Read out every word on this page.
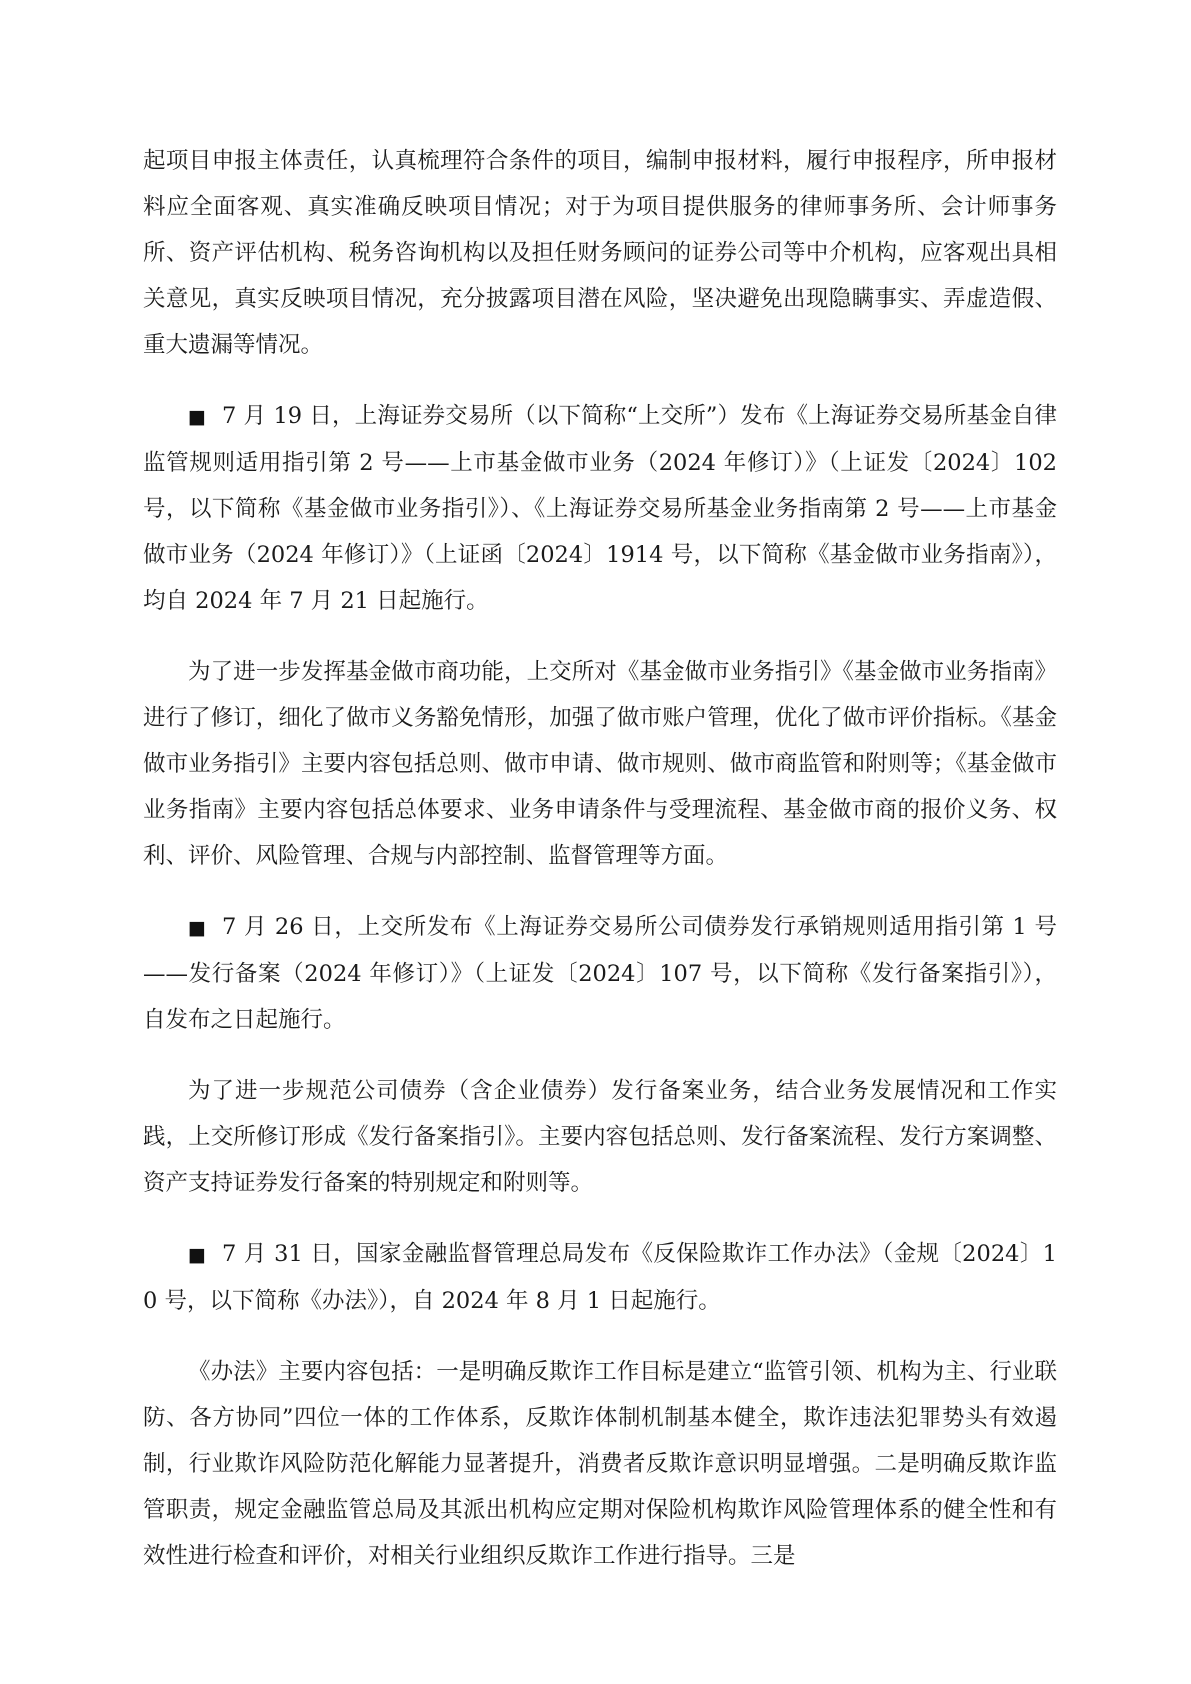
起项目申报主体责任，认真梳理符合条件的项目，编制申报材料，履行申报程序，所申报材料应全面客观、真实准确反映项目情况；对于为项目提供服务的律师事务所、会计师事务所、资产评估机构、税务咨询机构以及担任财务顾问的证券公司等中介机构，应客观出具相关意见，真实反映项目情况，充分披露项目潜在风险，坚决避免出现隐瞒事实、弄虚造假、重大遗漏等情况。

■ 7 月 19 日，上海证券交易所（以下简称“上交所”）发布《上海证券交易所基金自律监管规则适用指引第 2 号——上市基金做市业务（2024 年修订）》（上证发〔2024〕102 号，以下简称《基金做市业务指引》）、《上海证券交易所基金业务指南第 2 号——上市基金做市业务（2024 年修订）》（上证函〔2024〕1914 号，以下简称《基金做市业务指南》），均自 2024 年 7 月 21 日起施行。

为了进一步发挥基金做市商功能，上交所对《基金做市业务指引》《基金做市业务指南》进行了修订，细化了做市义务豁免情形，加强了做市账户管理，优化了做市评价指标。《基金做市业务指引》主要内容包括总则、做市申请、做市规则、做市商监管和附则等；《基金做市业务指南》主要内容包括总体要求、业务申请条件与受理流程、基金做市商的报价义务、权利、评价、风险管理、合规与内部控制、监督管理等方面。

■ 7 月 26 日，上交所发布《上海证券交易所公司债券发行承销规则适用指引第 1 号——发行备案（2024 年修订）》（上证发〔2024〕107 号，以下简称《发行备案指引》），自发布之日起施行。

为了进一步规范公司债券（含企业债券）发行备案业务，结合业务发展情况和工作实践，上交所修订形成《发行备案指引》。主要内容包括总则、发行备案流程、发行方案调整、资产支持证券发行备案的特别规定和附则等。

■ 7 月 31 日，国家金融监督管理总局发布《反保险欺诈工作办法》（金规〔2024〕10 号，以下简称《办法》），自 2024 年 8 月 1 日起施行。

《办法》主要内容包括：一是明确反欺诈工作目标是建立“监管引领、机构为主、行业联防、各方协同”四位一体的工作体系，反欺诈体制机制基本健全，欺诈违法犯罪势头有效遏制，行业欺诈风险防范化解能力显著提升，消费者反欺诈意识明显增强。二是明确反欺诈监管职责，规定金融监管总局及其派出机构应定期对保险机构欺诈风险管理体系的健全性和有效性进行检查和评价，对相关行业组织反欺诈工作进行指导。三是
